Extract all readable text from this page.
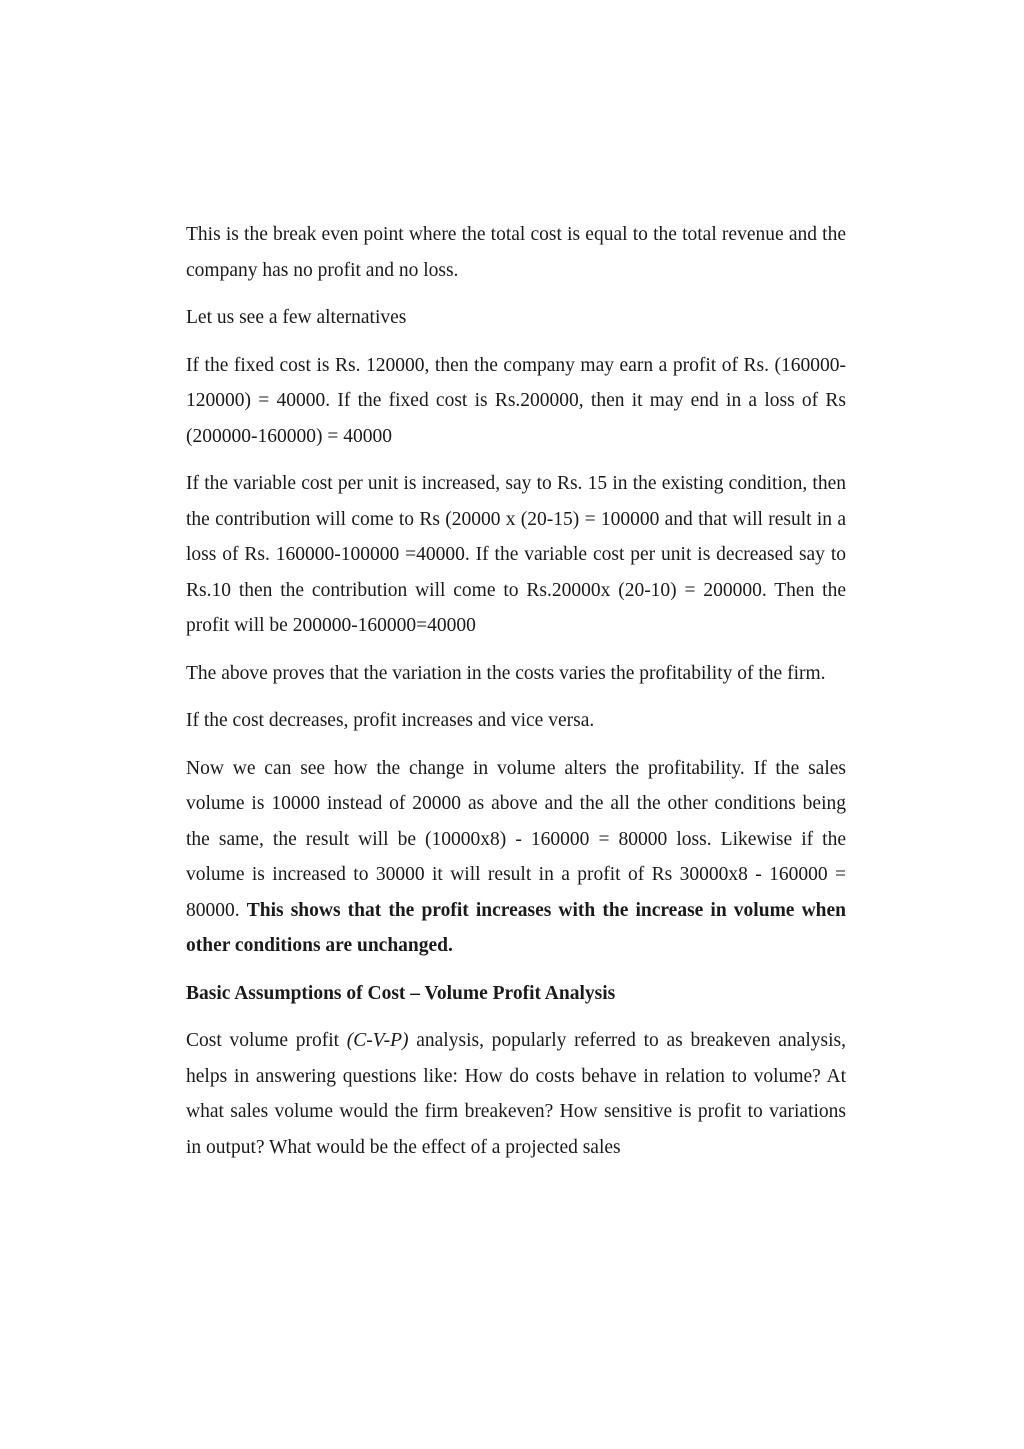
This is the break even point where the total cost is equal to the total revenue and the company has no profit and no loss.

Let us see a few alternatives

If the fixed cost is Rs. 120000, then the company may earn a profit of Rs. (160000-120000) = 40000. If the fixed cost is Rs.200000, then it may end in a loss of Rs (200000-160000) = 40000

If the variable cost per unit is increased, say to Rs. 15 in the existing condition, then the contribution will come to Rs (20000 x (20-15) = 100000 and that will result in a loss of Rs. 160000-100000 =40000. If the variable cost per unit is decreased say to Rs.10 then the contribution will come to Rs.20000x (20-10) = 200000. Then the profit will be 200000-160000=40000

The above proves that the variation in the costs varies the profitability of the firm.

If the cost decreases, profit increases and vice versa.

Now we can see how the change in volume alters the profitability. If the sales volume is 10000 instead of 20000 as above and the all the other conditions being the same, the result will be (10000x8) - 160000 = 80000 loss. Likewise if the volume is increased to 30000 it will result in a profit of Rs 30000x8 - 160000 = 80000. This shows that the profit increases with the increase in volume when other conditions are unchanged.

Basic Assumptions of Cost – Volume Profit Analysis

Cost volume profit (C-V-P) analysis, popularly referred to as breakeven analysis, helps in answering questions like: How do costs behave in relation to volume? At what sales volume would the firm breakeven? How sensitive is profit to variations in output? What would be the effect of a projected sales
